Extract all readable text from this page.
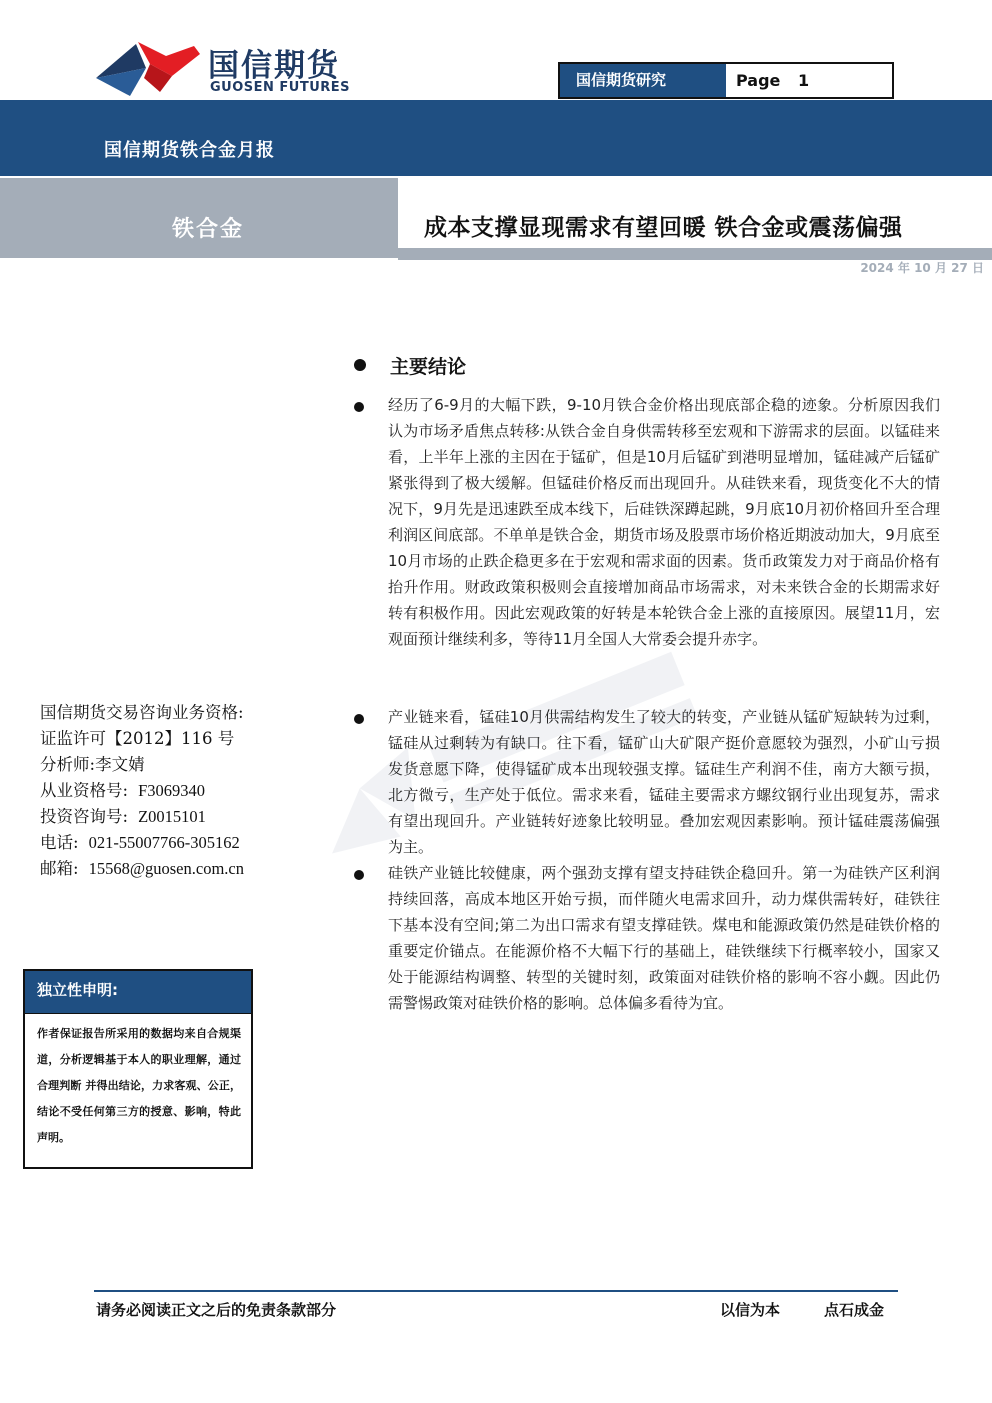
国信期货
GUOSEN FUTURES	国信期货研究	Page 1
国信期货铁合金月报
铁合金	成本支撑显现需求有望回暖 铁合金或震荡偏强
2024 年 10 月 27 日
主要结论

经历了6-9月的大幅下跌，9-10月铁合金价格出现底部企稳的迹象。分析原因我们认为市场矛盾焦点转移:从铁合金自身供需转移至宏观和下游需求的层面。以锰硅来看，上半年上涨的主因在于锰矿，但是10月后锰矿到港明显增加，锰硅减产后锰矿紧张得到了极大缓解。但锰硅价格反而出现回升。从硅铁来看，现货变化不大的情况下，9月先是迅速跌至成本线下，后硅铁深蹲起跳，9月底10月初价格回升至合理利润区间底部。不单单是铁合金，期货市场及股票市场价格近期波动加大，9月底至10月市场的止跌企稳更多在于宏观和需求面的因素。货币政策发力对于商品价格有抬升作用。财政政策积极则会直接增加商品市场需求，对未来铁合金的长期需求好转有积极作用。因此宏观政策的好转是本轮铁合金上涨的直接原因。展望11月，宏观面预计继续利多，等待11月全国人大常委会提升赤字。

产业链来看，锰硅10月供需结构发生了较大的转变，产业链从锰矿短缺转为过剩，锰硅从过剩转为有缺口。往下看，锰矿山大矿限产挺价意愿较为强烈，小矿山亏损发货意愿下降，使得锰矿成本出现较强支撑。锰硅生产利润不佳，南方大额亏损，北方微亏，生产处于低位。需求来看，锰硅主要需求方螺纹钢行业出现复苏，需求有望出现回升。产业链转好迹象比较明显。叠加宏观因素影响。预计锰硅震荡偏强为主。

硅铁产业链比较健康，两个强劲支撑有望支持硅铁企稳回升。第一为硅铁产区利润持续回落，高成本地区开始亏损，而伴随火电需求回升，动力煤供需转好，硅铁往下基本没有空间;第二为出口需求有望支撑硅铁。煤电和能源政策仍然是硅铁价格的重要定价锚点。在能源价格不大幅下行的基础上，硅铁继续下行概率较小，国家又处于能源结构调整、转型的关键时刻，政策面对硅铁价格的影响不容小觑。因此仍需警惕政策对硅铁价格的影响。总体偏多看待为宜。

国信期货交易咨询业务资格:
证监许可【2012】116 号
分析师:李文婧
从业资格号: F3069340
投资咨询号: Z0015101
电话: 021-55007766-305162
邮箱: 15568@guosen.com.cn
独立性申明:

作者保证报告所采用的数据均来自合规渠道，分析逻辑基于本人的职业理解，通过合理判断 并得出结论，力求客观、公正，结论不受任何第三方的授意、影响，特此声明。

请务必阅读正文之后的免责条款部分	以信为本	点石成金
